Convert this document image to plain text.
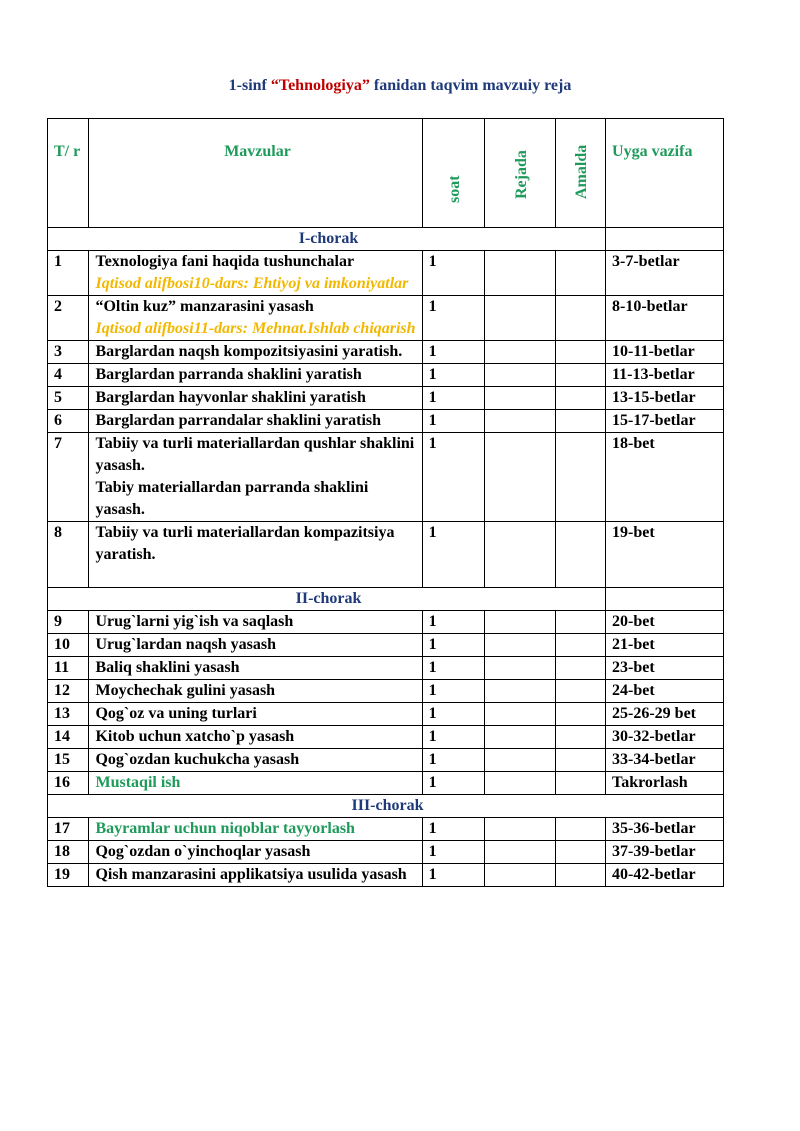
1-sinf “Tehnologiya” fanidan taqvim mavzuiy reja
T/ r	Mavzular	soat	Rejada	Amalda	Uyga vazifa
I-chorak					
1	Texnologiya fani haqida tushunchalar
Iqtisod alifbosi10-dars: Ehtiyoj va imkoniyatlar	1			3-7-betlar
2	“Oltin kuz” manzarasini yasash
Iqtisod alifbosi11-dars: Mehnat.Ishlab chiqarish	1			8-10-betlar
3	Barglardan naqsh kompozitsiyasini yaratish.	1			10-11-betlar
4	Barglardan parranda shaklini yaratish	1			11-13-betlar
5	Barglardan hayvonlar shaklini yaratish	1			13-15-betlar
6	Barglardan parrandalar shaklini yaratish	1			15-17-betlar
7	Tabiiy va turli materiallardan qushlar shaklini yasash.
Tabiy materiallardan parranda shaklini yasash.	1			18-bet
8	Tabiiy va turli materiallardan kompazitsiya yaratish.	1			19-bet
II-chorak					
9	Urug`larni yig`ish va saqlash	1			20-bet
10	Urug`lardan naqsh yasash	1			21-bet
11	Baliq shaklini yasash	1			23-bet
12	Moychechak gulini yasash	1			24-bet
13	Qog`oz va uning turlari	1			25-26-29 bet
14	Kitob uchun xatcho`p yasash	1			30-32-betlar
15	Qog`ozdan kuchukcha yasash	1			33-34-betlar
16	Mustaqil ish	1			Takrorlash
III-chorak					
17	Bayramlar uchun niqoblar tayyorlash	1			35-36-betlar
18	Qog`ozdan o`yinchoqlar yasash	1			37-39-betlar
19	Qish manzarasini applikatsiya usulida yasash	1			40-42-betlar
